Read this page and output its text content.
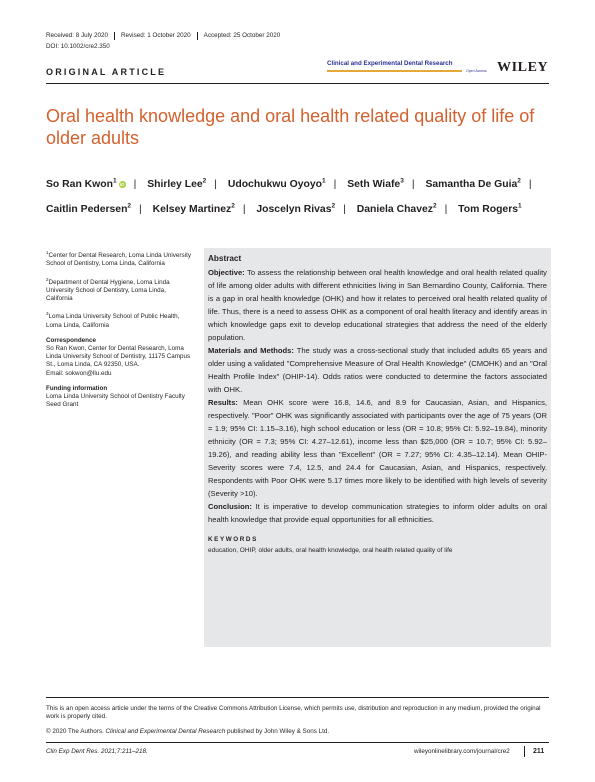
Received: 8 July 2020	Revised: 1 October 2020	Accepted: 25 October 2020
DOI: 10.1002/cre2.350
ORIGINAL ARTICLE
Clinical and Experimental Dental Research
Open Access WILEY
Oral health knowledge and oral health related quality of life of older adults
So Ran Kwon$^1$ iD | Shirley Lee$^2$ | Udochukwu Oyoyo$^1$ | Seth Wiafe$^3$ | Samantha De Guia$^2$ | Caitlin Pedersen$^2$ | Kelsey Martinez$^2$ | Joscelyn Rivas$^2$ | Daniela Chavez$^2$ | Tom Rogers$^1$

$^1$Center for Dental Research, Loma Linda University School of Dentistry, Loma Linda, California

$^2$Department of Dental Hygiene, Loma Linda University School of Dentistry, Loma Linda, California

$^3$Loma Linda University School of Public Health, Loma Linda, California

Correspondence
So Ran Kwon, Center for Dental Research, Loma Linda University School of Dentistry, 11175 Campus St., Loma Linda, CA 92350, USA.
Email: sokwon@llu.edu

Funding information
Loma Linda University School of Dentistry Faculty Seed Grant

Abstract

Objective: To assess the relationship between oral health knowledge and oral health related quality of life among older adults with different ethnicities living in San Bernardino County, California. There is a gap in oral health knowledge (OHK) and how it relates to perceived oral health related quality of life. Thus, there is a need to assess OHK as a component of oral health literacy and identify areas in which knowledge gaps exit to develop educational strategies that address the need of the elderly population.

Materials and Methods: The study was a cross-sectional study that included adults 65 years and older using a validated "Comprehensive Measure of Oral Health Knowledge" (CMOHK) and an "Oral Health Profile Index" (OHIP-14). Odds ratios were conducted to determine the factors associated with OHK.

Results: Mean OHK score were 16.8, 14.6, and 8.9 for Caucasian, Asian, and Hispanics, respectively. "Poor" OHK was significantly associated with participants over the age of 75 years (OR = 1.9; 95% CI: 1.15–3.16), high school education or less (OR = 10.8; 95% CI: 5.92–19.84), minority ethnicity (OR = 7.3; 95% CI: 4.27–12.61), income less than $25,000 (OR = 10.7; 95% CI: 5.92–19.26), and reading ability less than "Excellent" (OR = 7.27; 95% CI: 4.35–12.14). Mean OHIP-Severity scores were 7.4, 12.5, and 24.4 for Caucasian, Asian, and Hispanics, respectively. Respondents with Poor OHK were 5.17 times more likely to be identified with high levels of severity (Severity >10).

Conclusion: It is imperative to develop communication strategies to inform older adults on oral health knowledge that provide equal opportunities for all ethnicities.

KEYWORDS
education, OHIP, older adults, oral health knowledge, oral health related quality of life
This is an open access article under the terms of the Creative Commons Attribution License, which permits use, distribution and reproduction in any medium, provided the original work is properly cited.
© 2020 The Authors. Clinical and Experimental Dental Research published by John Wiley & Sons Ltd.
Clin Exp Dent Res. 2021;7:211–218.	wileyonlinelibrary.com/journal/cre2	211
